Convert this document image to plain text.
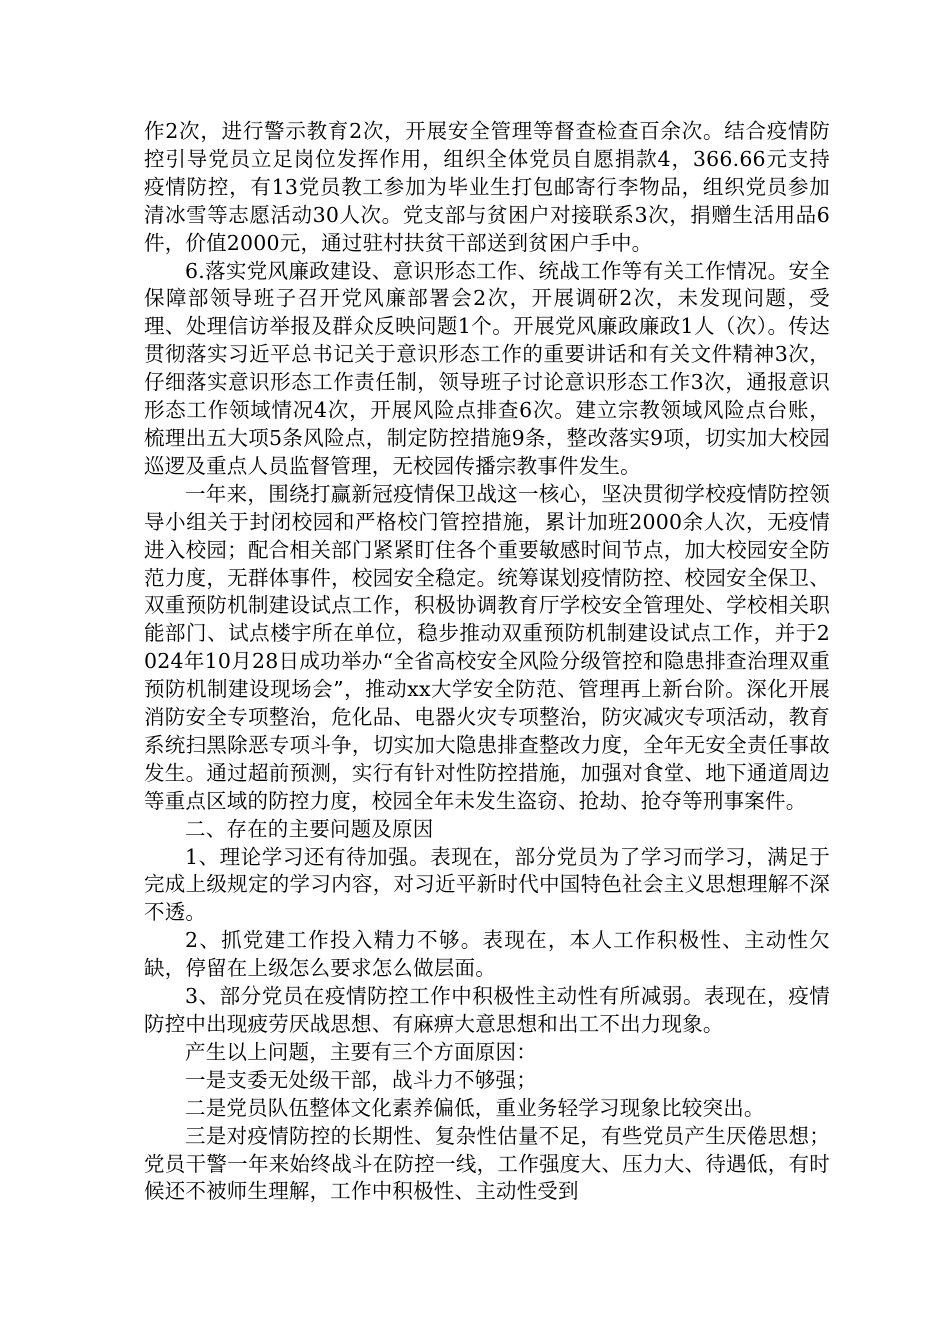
作2次，进行警示教育2次，开展安全管理等督查检查百余次。结合疫情防控引导党员立足岗位发挥作用，组织全体党员自愿捐款4，366.66元支持疫情防控，有13党员教工参加为毕业生打包邮寄行李物品，组织党员参加清冰雪等志愿活动30人次。党支部与贫困户对接联系3次，捐赠生活用品6件，价值2000元，通过驻村扶贫干部送到贫困户手中。

6.落实党风廉政建设、意识形态工作、统战工作等有关工作情况。安全保障部领导班子召开党风廉部署会2次，开展调研2次，未发现问题，受理、处理信访举报及群众反映问题1个。开展党风廉政廉政1人（次）。传达贯彻落实习近平总书记关于意识形态工作的重要讲话和有关文件精神3次，仔细落实意识形态工作责任制，领导班子讨论意识形态工作3次，通报意识形态工作领域情况4次，开展风险点排查6次。建立宗教领域风险点台账，梳理出五大项5条风险点，制定防控措施9条，整改落实9项，切实加大校园巡逻及重点人员监督管理，无校园传播宗教事件发生。

一年来，围绕打赢新冠疫情保卫战这一核心，坚决贯彻学校疫情防控领导小组关于封闭校园和严格校门管控措施，累计加班2000余人次，无疫情进入校园；配合相关部门紧紧盯住各个重要敏感时间节点，加大校园安全防范力度，无群体事件，校园安全稳定。统筹谋划疫情防控、校园安全保卫、双重预防机制建设试点工作，积极协调教育厅学校安全管理处、学校相关职能部门、试点楼宇所在单位，稳步推动双重预防机制建设试点工作，并于2024年10月28日成功举办“全省高校安全风险分级管控和隐患排查治理双重预防机制建设现场会”，推动xx大学安全防范、管理再上新台阶。深化开展消防安全专项整治，危化品、电器火灾专项整治，防灾减灾专项活动，教育系统扫黑除恶专项斗争，切实加大隐患排查整改力度，全年无安全责任事故发生。通过超前预测，实行有针对性防控措施，加强对食堂、地下通道周边等重点区域的防控力度，校园全年未发生盗窃、抢劫、抢夺等刑事案件。

二、存在的主要问题及原因

1、理论学习还有待加强。表现在，部分党员为了学习而学习，满足于完成上级规定的学习内容，对习近平新时代中国特色社会主义思想理解不深不透。

2、抓党建工作投入精力不够。表现在，本人工作积极性、主动性欠缺，停留在上级怎么要求怎么做层面。

3、部分党员在疫情防控工作中积极性主动性有所减弱。表现在，疫情防控中出现疲劳厌战思想、有麻痹大意思想和出工不出力现象。

产生以上问题，主要有三个方面原因：

一是支委无处级干部，战斗力不够强；

二是党员队伍整体文化素养偏低，重业务轻学习现象比较突出。

三是对疫情防控的长期性、复杂性估量不足，有些党员产生厌倦思想；党员干警一年来始终战斗在防控一线，工作强度大、压力大、待遇低，有时候还不被师生理解，工作中积极性、主动性受到
